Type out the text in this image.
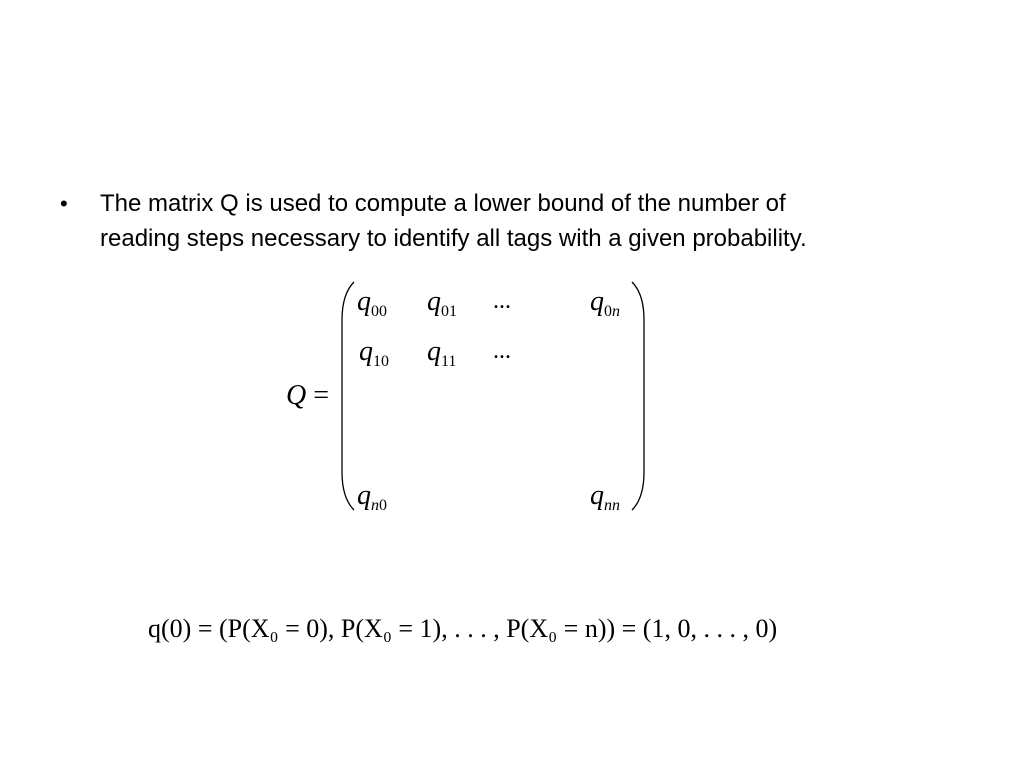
• The matrix Q is used to compute a lower bound of the number of
reading steps necessary to identify all tags with a given probability.

Q =
$q_{00}$ $q_{01}$ ...	$q_{0n}$
$q_{10}$ $q_{11}$ ...
$q_{n0}$	$q_{nn}$
q(0) = (P(X₀ = 0), P(X₀ = 1), . . . , P(X₀ = n)) = (1, 0, . . . , 0)
